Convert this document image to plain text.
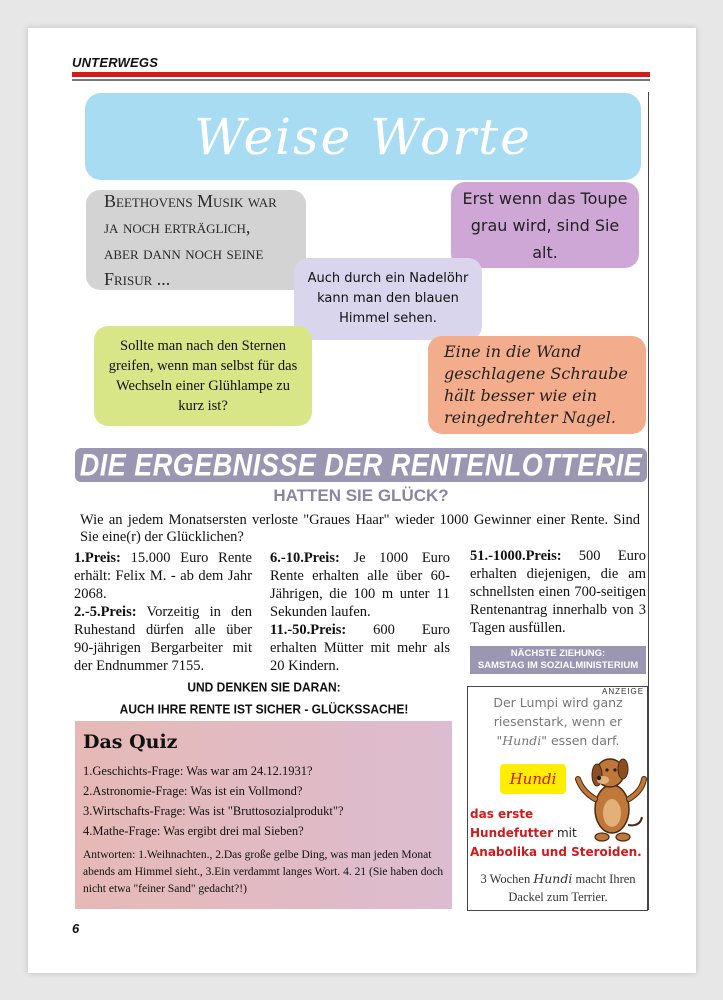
UNTERWEGS
Weise Worte
Beethovens Musik war ja noch erträglich, aber dann noch seine Frisur ...
Erst wenn das Toupe grau wird, sind Sie alt.
Auch durch ein Nadelöhr kann man den blauen Himmel sehen.
Sollte man nach den Sternen greifen, wenn man selbst für das Wechseln einer Glühlampe zu kurz ist?
Eine in die Wand geschlagene Schraube hält besser wie ein reingedrehter Nagel.
DIE ERGEBNISSE DER RENTENLOTTERIE
HATTEN SIE GLÜCK?
Wie an jedem Monatsersten verloste "Graues Haar" wieder 1000 Gewinner einer Rente. Sind Sie eine(r) der Glücklichen?

1.Preis: 15.000 Euro Rente erhält: Felix M. - ab dem Jahr 2068.

2.-5.Preis: Vorzeitig in den Ruhestand dürfen alle über 90-jährigen Bergarbeiter mit der Endnummer 7155.

6.-10.Preis: Je 1000 Euro Rente erhalten alle über 60-Jährigen, die 100 m unter 11 Sekunden laufen.

11.-50.Preis: 600 Euro erhalten Mütter mit mehr als 20 Kindern.

51.-1000.Preis: 500 Euro erhalten diejenigen, die am schnellsten einen 700-seitigen Rentenantrag innerhalb von 3 Tagen ausfüllen.

NÄCHSTE ZIEHUNG:
SAMSTAG IM SOZIALMINISTERIUM
UND DENKEN SIE DARAN:
AUCH IHRE RENTE IST SICHER - GLÜCKSSACHE!
Das Quiz
1.Geschichts-Frage: Was war am 24.12.1931?
2.Astronomie-Frage: Was ist ein Vollmond?
3.Wirtschafts-Frage: Was ist "Bruttosozialprodukt"?
4.Mathe-Frage: Was ergibt drei mal Sieben?
Antworten: 1.Weihnachten., 2.Das große gelbe Ding, was man jeden Monat abends am Himmel sieht., 3.Ein verdammt langes Wort. 4. 21 (Sie haben doch nicht etwa "feiner Sand" gedacht?!)
Der Lumpi wird ganz riesenstark, wenn er "Hundi" essen darf.
Hundi
das erste
Hundefutter mit
Anabolika und Steroiden.
3 Wochen Hundi macht Ihren Dackel zum Terrier.
ANZEIGE
6
